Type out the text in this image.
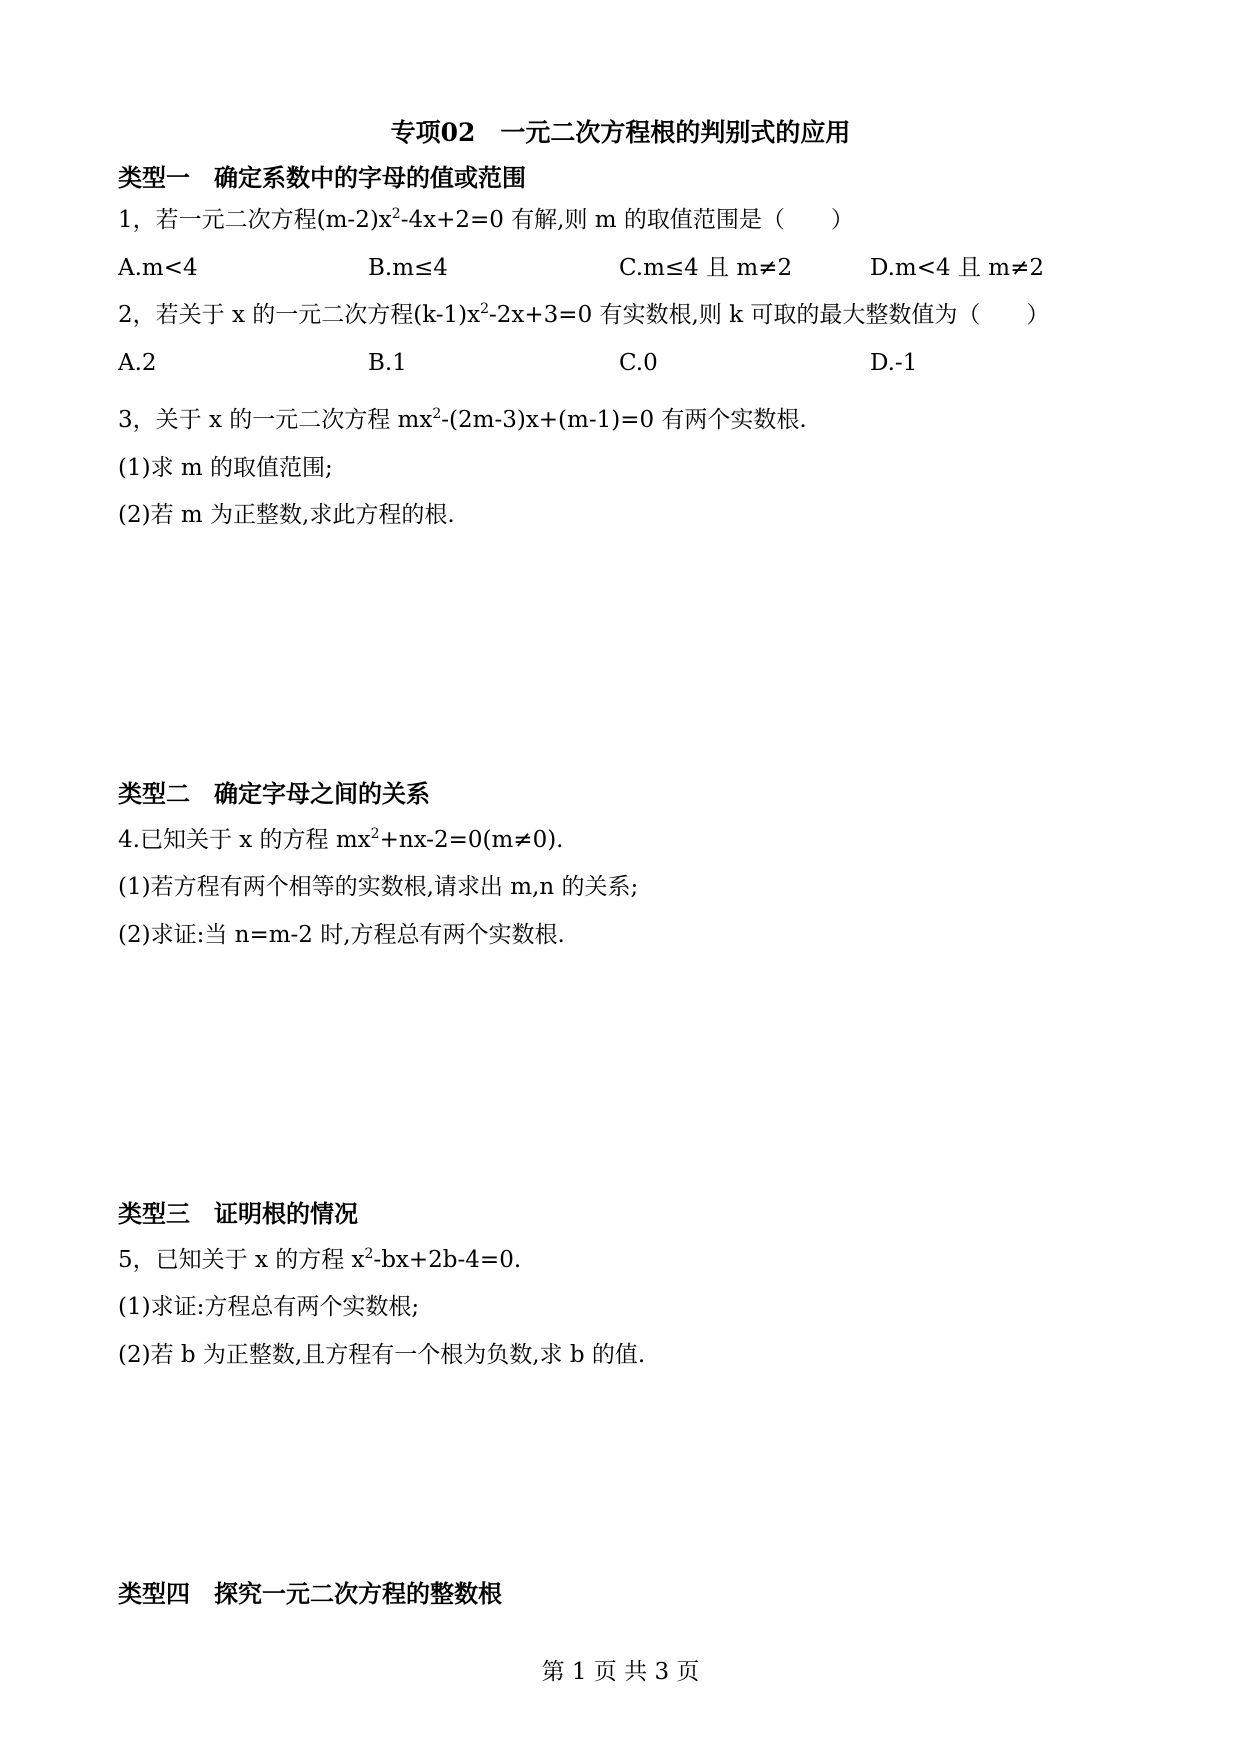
专项02　一元二次方程根的判别式的应用
类型一　确定系数中的字母的值或范围
1，若一元二次方程$(m-2)x^2-4x+2=0$ 有解,则 m 的取值范围是（　　）
A.m<4	B.m≤4	C.m≤4 且 m≠2	D.m<4 且 m≠2
2，若关于 x 的一元二次方程$(k-1)x^2-2x+3=0$ 有实数根,则 k 可取的最大整数值为（　　）
A.2	B.1	C.0	D.-1
3，关于 x 的一元二次方程 $mx^2-(2m-3)x+(m-1)=0$ 有两个实数根.
(1)求 m 的取值范围;
(2)若 m 为正整数,求此方程的根.
类型二　确定字母之间的关系
4.已知关于 x 的方程 $mx^2+nx-2=0(m\ne 0)$.
(1)若方程有两个相等的实数根,请求出 m,n 的关系;
(2)求证:当 n=m-2 时,方程总有两个实数根.
类型三　证明根的情况
5，已知关于 x 的方程 $x^2-bx+2b-4=0$.
(1)求证:方程总有两个实数根;
(2)若 b 为正整数,且方程有一个根为负数,求 b 的值.
类型四　探究一元二次方程的整数根
第 1 页 共 3 页
